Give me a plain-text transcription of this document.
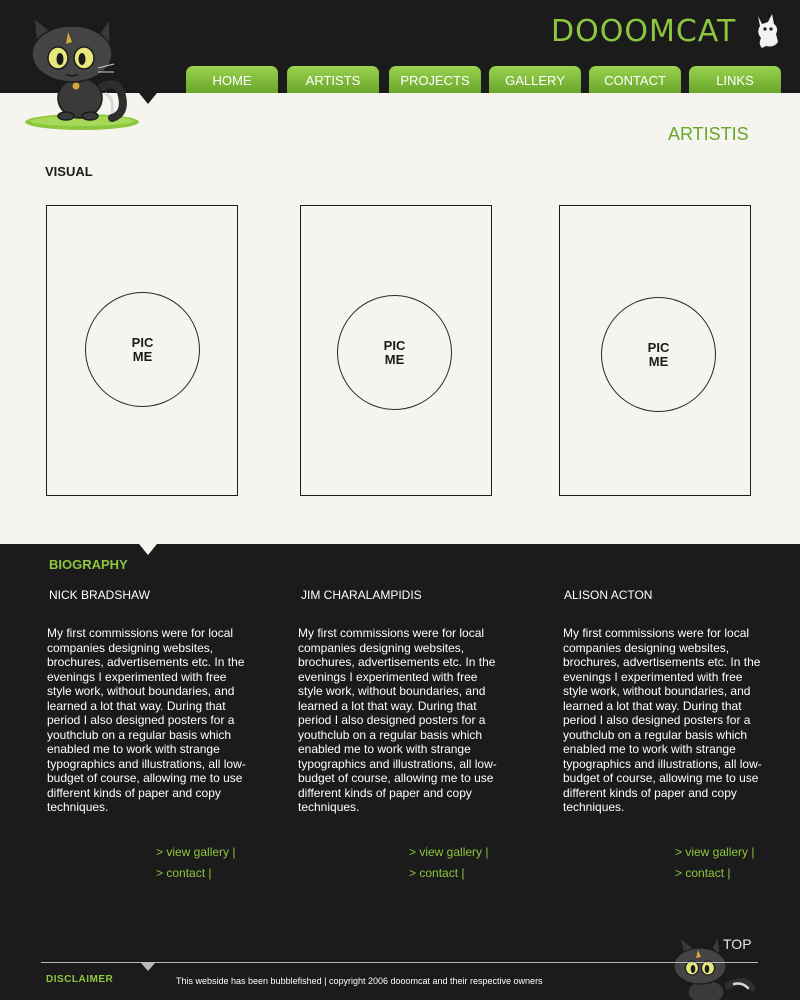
DOOOMCAT
HOME	ARTISTS	PROJECTS	GALLERY	CONTACT	LINKS
ARTISTIS
VISUAL
PIC
ME
PIC
ME
PIC
ME
BIOGRAPHY
NICK BRADSHAW
My first commissions were for local companies designing websites, brochures, advertisements etc. In the evenings I experimented with free style work, without boundaries, and learned a lot that way. During that period I also designed posters for a youthclub on a regular basis which enabled me to work with strange typographics and illustrations, all low-budget of course, allowing me to use different kinds of paper and copy techniques.
JIM CHARALAMPIDIS
My first commissions were for local companies designing websites, brochures, advertisements etc. In the evenings I experimented with free style work, without boundaries, and learned a lot that way. During that period I also designed posters for a youthclub on a regular basis which enabled me to work with strange typographics and illustrations, all low-budget of course, allowing me to use different kinds of paper and copy techniques.
ALISON ACTON
My first commissions were for local companies designing websites, brochures, advertisements etc. In the evenings I experimented with free style work, without boundaries, and learned a lot that way. During that period I also designed posters for a youthclub on a regular basis which enabled me to work with strange typographics and illustrations, all low-budget of course, allowing me to use different kinds of paper and copy techniques.
> view gallery |
> contact |
> view gallery |
> contact |
> view gallery |
> contact |
TOP
DISCLAIMER	This webside has been bubblefished | copyright 2006 dooomcat and their respective owners
